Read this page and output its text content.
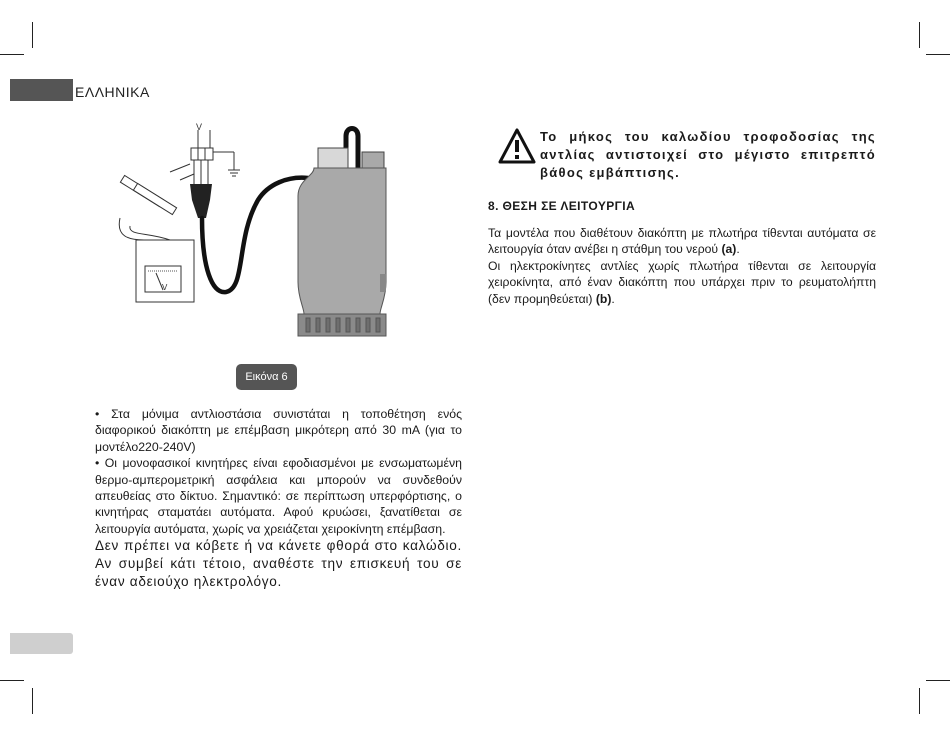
ΕΛΛΗΝΙΚΑ
V
V
Εικόνα 6

• Στα μόνιμα αντλιοστάσια συνιστάται η τοποθέτηση ενός διαφορικού διακόπτη με επέμβαση μικρότερη από 30 mA (για το μοντέλο220-240V)

• Οι μονοφασικοί κινητήρες είναι εφοδιασμένοι με ενσωματωμένη θερμο-αμπερομετρική ασφάλεια και μπορούν να συνδεθούν απευθείας στο δίκτυο. Σημαντικό: σε περίπτωση υπερφόρτισης, ο κινητήρας σταματάει αυτόματα. Αφού κρυώσει, ξανατίθεται σε λειτουργία αυτόματα, χωρίς να χρειάζεται χειροκίνητη επέμβαση.

Δεν πρέπει να κόβετε ή να κάνετε φθορά στο καλώδιο. Αν συμβεί κάτι τέτοιο, αναθέστε την επισκευή του σε έναν αδειούχο ηλεκτρολόγο.

Το μήκος του καλωδίου τροφοδοσίας της αντλίας αντιστοιχεί στο μέγιστο επιτρεπτό βάθος εμβάπτισης.
8. ΘΕΣΗ ΣΕ ΛΕΙΤΟΥΡΓΙΑ

Τα μοντέλα που διαθέτουν διακόπτη με πλωτήρα τίθενται αυτόματα σε λειτουργία όταν ανέβει η στάθμη του νερού (a).

Οι ηλεκτροκίνητες αντλίες χωρίς πλωτήρα τίθενται σε λειτουργία χειροκίνητα, από έναν διακόπτη που υπάρχει πριν το ρευματολήπτη (δεν προμηθεύεται) (b).
